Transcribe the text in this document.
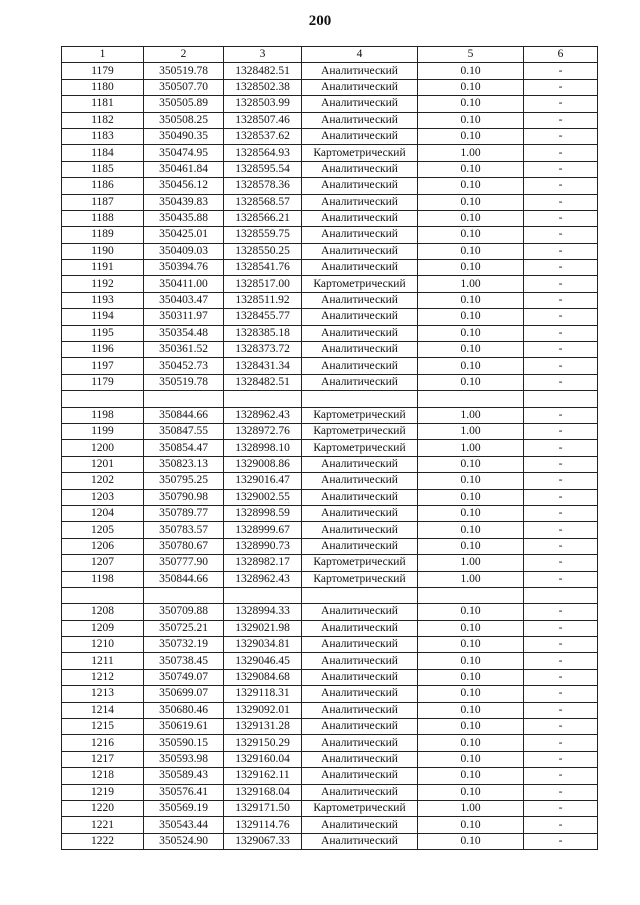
200
1	2	3	4	5	6
1179	350519.78	1328482.51	Аналитический	0.10	-
1180	350507.70	1328502.38	Аналитический	0.10	-
1181	350505.89	1328503.99	Аналитический	0.10	-
1182	350508.25	1328507.46	Аналитический	0.10	-
1183	350490.35	1328537.62	Аналитический	0.10	-
1184	350474.95	1328564.93	Картометрический	1.00	-
1185	350461.84	1328595.54	Аналитический	0.10	-
1186	350456.12	1328578.36	Аналитический	0.10	-
1187	350439.83	1328568.57	Аналитический	0.10	-
1188	350435.88	1328566.21	Аналитический	0.10	-
1189	350425.01	1328559.75	Аналитический	0.10	-
1190	350409.03	1328550.25	Аналитический	0.10	-
1191	350394.76	1328541.76	Аналитический	0.10	-
1192	350411.00	1328517.00	Картометрический	1.00	-
1193	350403.47	1328511.92	Аналитический	0.10	-
1194	350311.97	1328455.77	Аналитический	0.10	-
1195	350354.48	1328385.18	Аналитический	0.10	-
1196	350361.52	1328373.72	Аналитический	0.10	-
1197	350452.73	1328431.34	Аналитический	0.10	-
1179	350519.78	1328482.51	Аналитический	0.10	-

1198	350844.66	1328962.43	Картометрический	1.00	-
1199	350847.55	1328972.76	Картометрический	1.00	-
1200	350854.47	1328998.10	Картометрический	1.00	-
1201	350823.13	1329008.86	Аналитический	0.10	-
1202	350795.25	1329016.47	Аналитический	0.10	-
1203	350790.98	1329002.55	Аналитический	0.10	-
1204	350789.77	1328998.59	Аналитический	0.10	-
1205	350783.57	1328999.67	Аналитический	0.10	-
1206	350780.67	1328990.73	Аналитический	0.10	-
1207	350777.90	1328982.17	Картометрический	1.00	-
1198	350844.66	1328962.43	Картометрический	1.00	-

1208	350709.88	1328994.33	Аналитический	0.10	-
1209	350725.21	1329021.98	Аналитический	0.10	-
1210	350732.19	1329034.81	Аналитический	0.10	-
1211	350738.45	1329046.45	Аналитический	0.10	-
1212	350749.07	1329084.68	Аналитический	0.10	-
1213	350699.07	1329118.31	Аналитический	0.10	-
1214	350680.46	1329092.01	Аналитический	0.10	-
1215	350619.61	1329131.28	Аналитический	0.10	-
1216	350590.15	1329150.29	Аналитический	0.10	-
1217	350593.98	1329160.04	Аналитический	0.10	-
1218	350589.43	1329162.11	Аналитический	0.10	-
1219	350576.41	1329168.04	Аналитический	0.10	-
1220	350569.19	1329171.50	Картометрический	1.00	-
1221	350543.44	1329114.76	Аналитический	0.10	-
1222	350524.90	1329067.33	Аналитический	0.10	-
